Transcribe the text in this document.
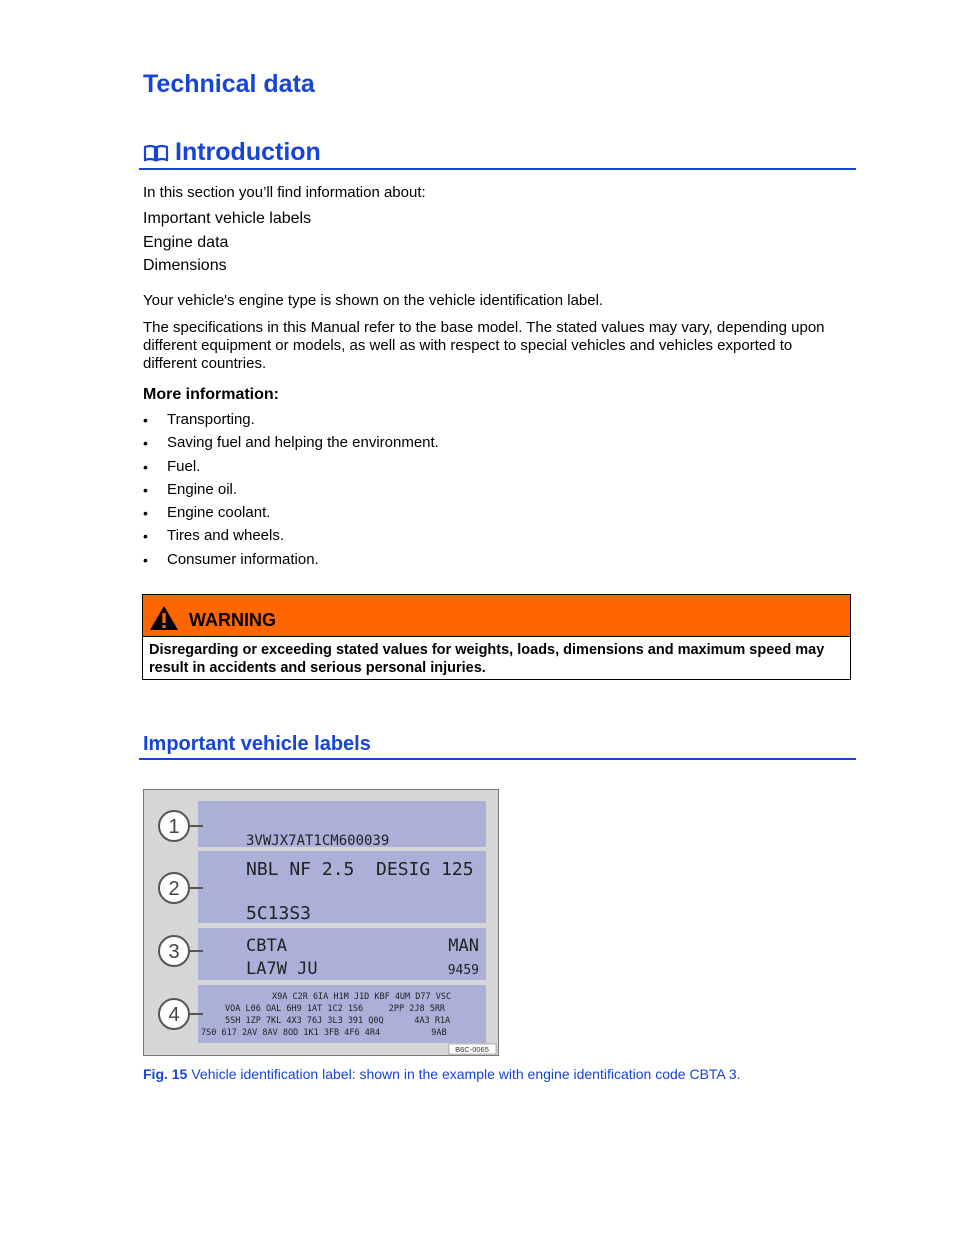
Technical data
Introduction

In this section you’ll find information about:

Important vehicle labels
Engine data
Dimensions

Your vehicle's engine type is shown on the vehicle identification label.

The specifications in this Manual refer to the base model. The stated values may vary, depending upon different equipment or models, as well as with respect to special vehicles and vehicles exported to different countries.

More information:

•	Transporting.
•	Saving fuel and helping the environment.
•	Fuel.
•	Engine oil.
•	Engine coolant.
•	Tires and wheels.
•	Consumer information.
WARNING
Disregarding or exceeding stated values for weights, loads, dimensions and maximum speed may result in accidents and serious personal injuries.
Important vehicle labels
1
2
3
4
3VWJX7AT1CM600039
NBL NF 2.5  DESIG 125
5C13S3
CBTA	MAN
LA7W JU	9459
X9A C2R 6IA H1M J1D KBF 4UM D77 VSC
VOA L06 OAL 6H9 1AT 1C2 1S6     2PP 2J8 5RR
5SH 1ZP 7KL 4X3 76J 3L3 391 Q0Q      4A3 R1A
7S0 617 2AV 8AV 8OD 1K1 3FB 4F6 4R4          9AB
B6C-0065

Fig. 15 Vehicle identification label: shown in the example with engine identification code CBTA 3.
